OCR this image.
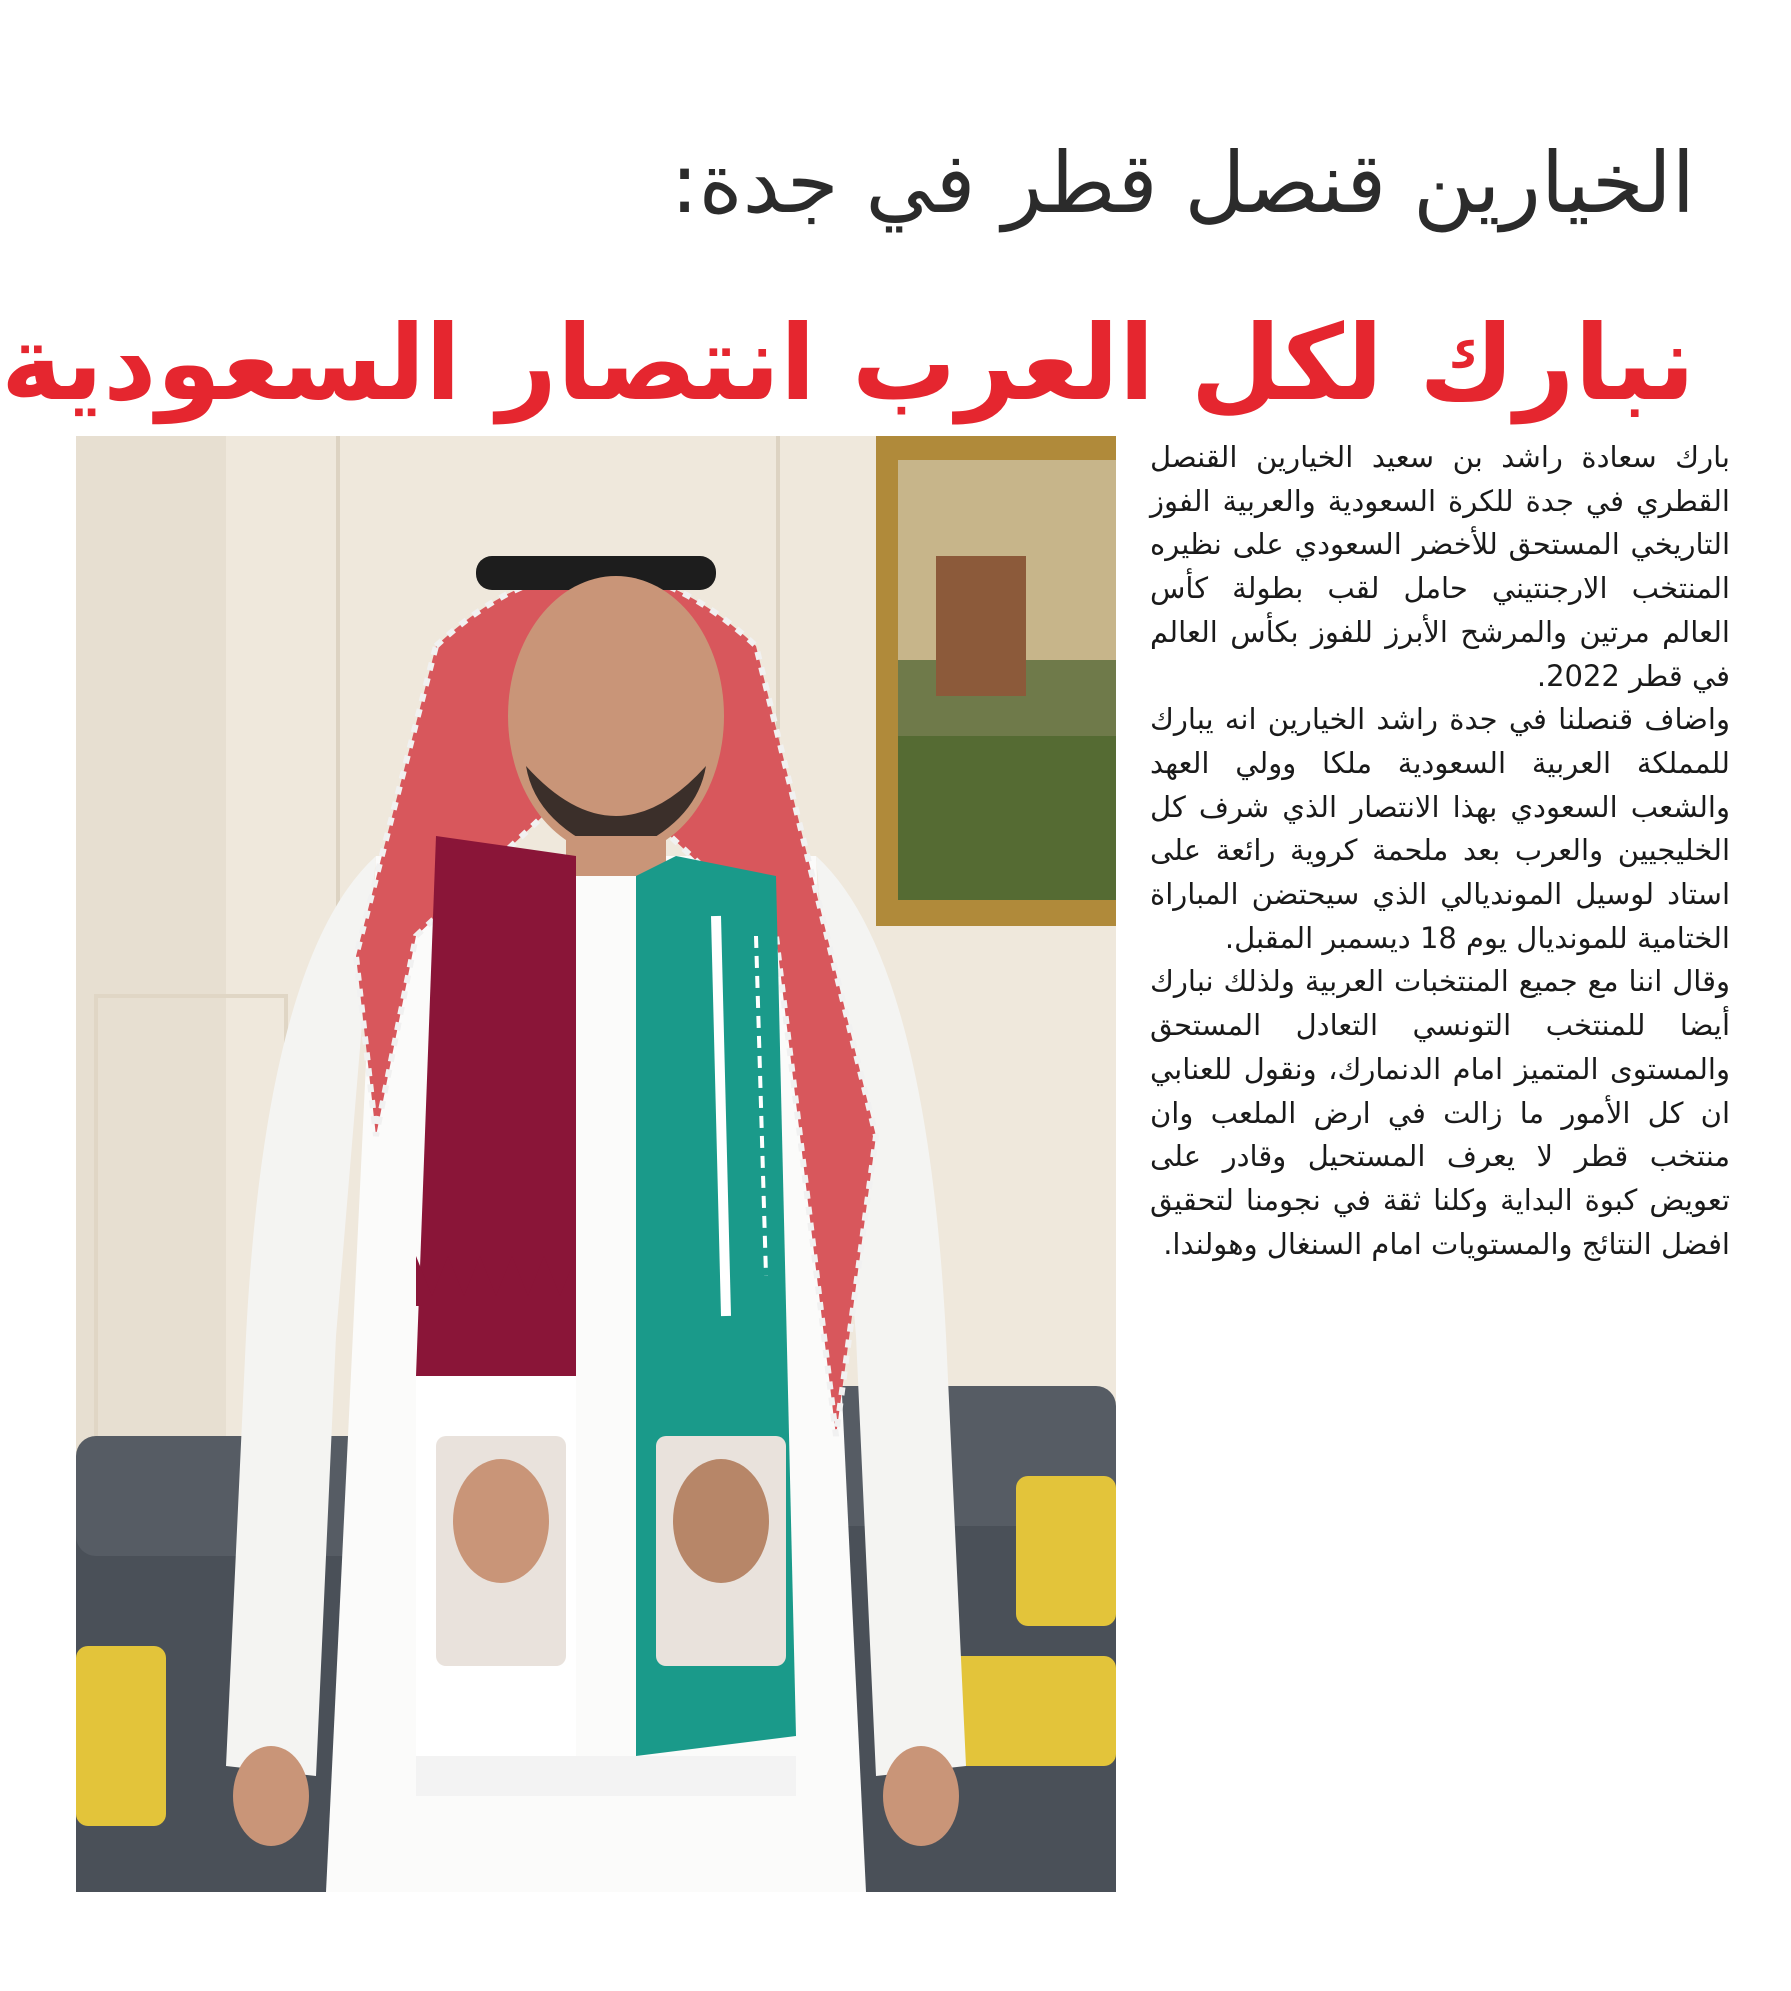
الخيارين قنصل قطر في جدة:
نبارك لكل العرب انتصار السعودية

بارك سعادة راشد بن سعيد الخيارين القنصل القطري في جدة للكرة السعودية والعربية الفوز التاريخي المستحق للأخضر السعودي على نظيره المنتخب الارجنتيني حامل لقب بطولة كأس العالم مرتين والمرشح الأبرز للفوز بكأس العالم في قطر 2022.

واضاف قنصلنا في جدة راشد الخيارين انه يبارك للمملكة العربية السعودية ملكا وولي العهد والشعب السعودي بهذا الانتصار الذي شرف كل الخليجيين والعرب بعد ملحمة كروية رائعة على استاد لوسيل المونديالي الذي سيحتضن المباراة الختامية للمونديال يوم 18 ديسمبر المقبل.

وقال اننا مع جميع المنتخبات العربية ولذلك نبارك أيضا للمنتخب التونسي التعادل المستحق والمستوى المتميز امام الدنمارك، ونقول للعنابي ان كل الأمور ما زالت في ارض الملعب وان منتخب قطر لا يعرف المستحيل وقادر على تعويض كبوة البداية وكلنا ثقة في نجومنا لتحقيق افضل النتائج والمستويات امام السنغال وهولندا.
